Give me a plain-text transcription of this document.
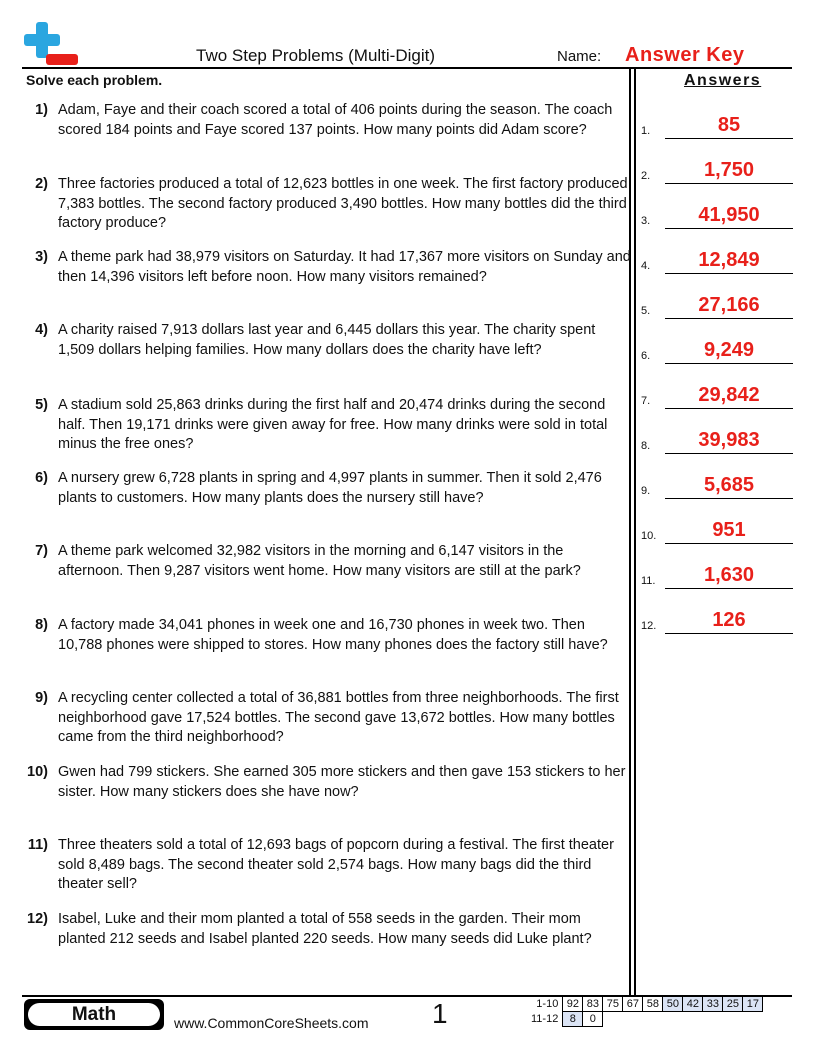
Two Step Problems (Multi-Digit)	Name: Answer Key
Solve each problem.	Answers
1) Adam, Faye and their coach scored a total of 406 points during the season. The coach scored 184 points and Faye scored 137 points. How many points did Adam score?
2) Three factories produced a total of 12,623 bottles in one week. The first factory produced 7,383 bottles. The second factory produced 3,490 bottles. How many bottles did the third factory produce?
3) A theme park had 38,979 visitors on Saturday. It had 17,367 more visitors on Sunday and then 14,396 visitors left before noon. How many visitors remained?
4) A charity raised 7,913 dollars last year and 6,445 dollars this year. The charity spent 1,509 dollars helping families. How many dollars does the charity have left?
5) A stadium sold 25,863 drinks during the first half and 20,474 drinks during the second half. Then 19,171 drinks were given away for free. How many drinks were sold in total minus the free ones?
6) A nursery grew 6,728 plants in spring and 4,997 plants in summer. Then it sold 2,476 plants to customers. How many plants does the nursery still have?
7) A theme park welcomed 32,982 visitors in the morning and 6,147 visitors in the afternoon. Then 9,287 visitors went home. How many visitors are still at the park?
8) A factory made 34,041 phones in week one and 16,730 phones in week two. Then 10,788 phones were shipped to stores. How many phones does the factory still have?
9) A recycling center collected a total of 36,881 bottles from three neighborhoods. The first neighborhood gave 17,524 bottles. The second gave 13,672 bottles. How many bottles came from the third neighborhood?
10) Gwen had 799 stickers. She earned 305 more stickers and then gave 153 stickers to her sister. How many stickers does she have now?
11) Three theaters sold a total of 12,693 bags of popcorn during a festival. The first theater sold 8,489 bags. The second theater sold 2,574 bags. How many bags did the third theater sell?
12) Isabel, Luke and their mom planted a total of 558 seeds in the garden. Their mom planted 212 seeds and Isabel planted 220 seeds. How many seeds did Luke plant?
1.	85
2.	1,750
3.	41,950
4.	12,849
5.	27,166
6.	9,249
7.	29,842
8.	39,983
9.	5,685
10.	951
11.	1,630
12.	126
Math	www.CommonCoreSheets.com 1	1-10	92	83	75	67	58	50	42	33	25	17
11-12	8	0								
